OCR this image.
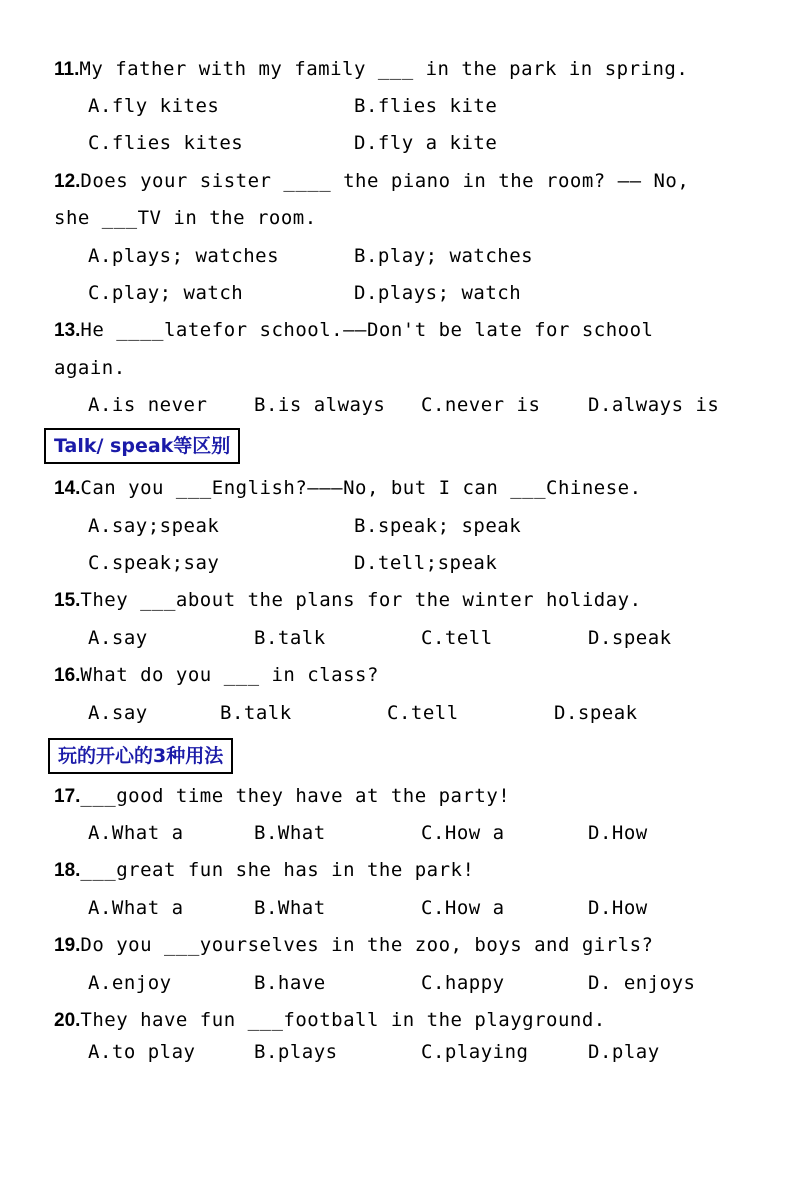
11.My father with my family ___ in the park in spring.

A.fly kites

	B.flies kite

C.flies kites

	D.fly a kite

12.Does your sister ____ the piano in the room? —— No,
she ___TV in the room.

A.plays; watches

	B.play; watches

C.play; watch

	D.plays; watch

13.He ____latefor school.——Don't be late for school
again.

A.is never

B.is always

C.never is

	D.always is

Talk/ speak等区别
14.Can you ___English?———No, but I can ___Chinese.

A.say;speak

	B.speak; speak

C.speak;say

	D.tell;speak

15.They ___about the plans for the winter holiday.

A.say

	B.talk

	C.tell

	D.speak

16.What do you ___ in class?

A.say

	B.talk

	C.tell

	D.speak

玩的开心的3种用法
17.___good time they have at the party!

A.What a

	B.What

	C.How a

	D.How

18.___great fun she has in the park!

A.What a

	B.What

	C.How a

	D.How

19.Do you ___yourselves in the zoo, boys and girls?

A.enjoy

	B.have

	C.happy

	D. enjoys

20.They have fun ___football in the playground.

A.to play

	B.plays

	C.playing

	D.play
